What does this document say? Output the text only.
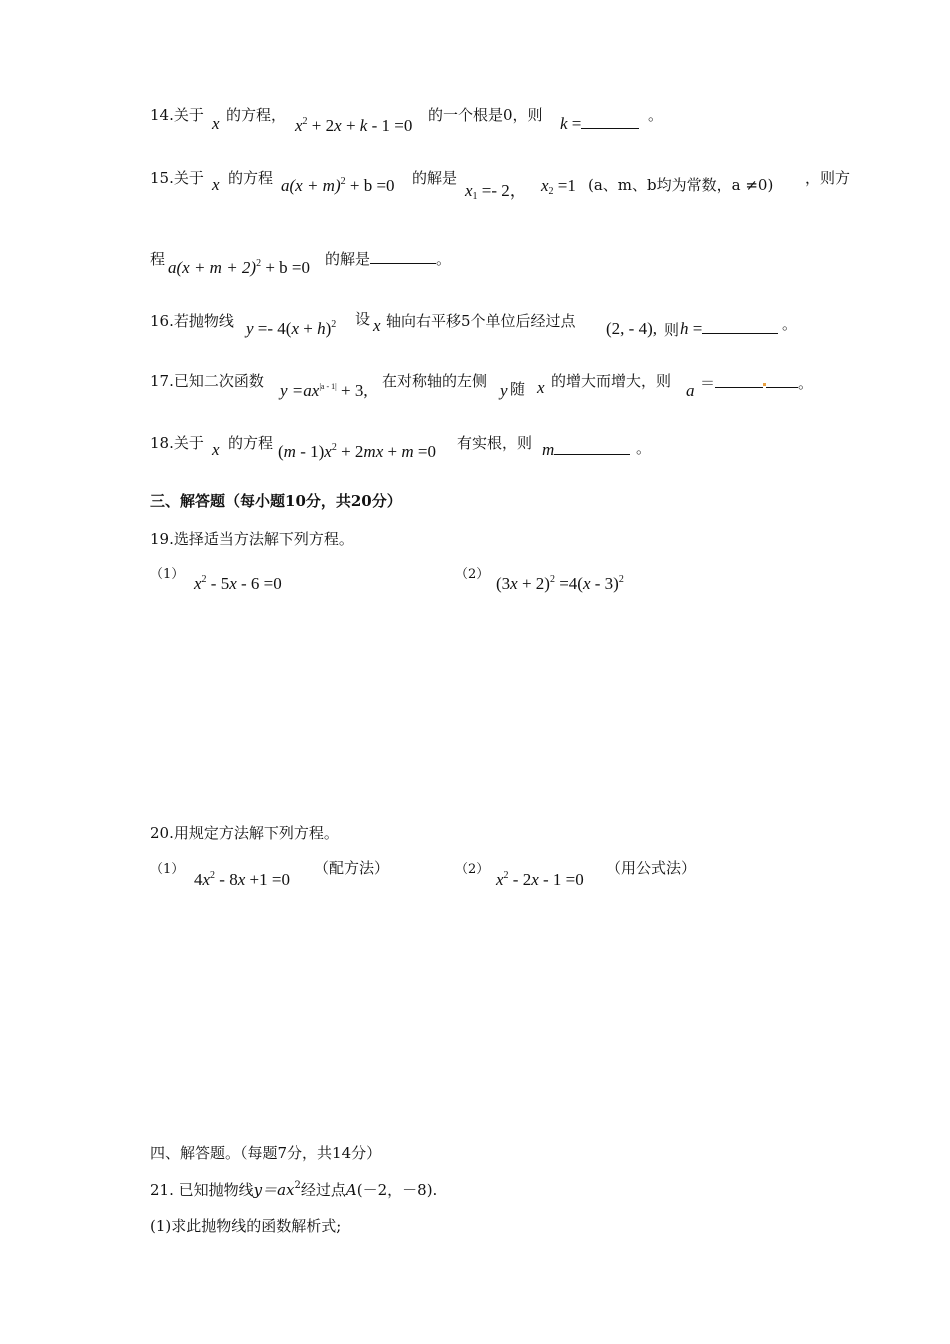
14.关于 x 的方程，
$x^2 + 2x + k - 1 =0$
的一个根是0，则 k =	。
15.关于 x 的方程 $a(x + m)^2 + b =0$ 的解是
$x_1 =- 2$， $x_2 =1$ (a、m、b均为常数，a ≠0) ，则方
程 $a(x + m + 2)^2 + b =0$ 的解是	。
16.若抛物线 $y =- 4(x + h)^2$ 设 x 轴向右平移5个单位后经过点 (2, - 4), 则 h =	。
17.已知二次函数 $y =ax^{|a - 1|} + 3$, 在对称轴的左侧 y 随 x 的增大而增大，则 a ＝	。
18.关于 x 的方程 $(m - 1)x^2 + 2mx + m =0$ 有实根，则 m	。
三、解答题（每小题10分，共20分）
19.选择适当方法解下列方程。
（1） $x^2 - 5x - 6 =0$	（2） $(3x + 2)^2 =4(x - 3)^2$
20.用规定方法解下列方程。
（1）
$4x^2 - 8x +1 =0$
（配方法）	（2）
$x^2 - 2x - 1 =0$
（用公式法）
四、解答题。（每题7分，共14分）
21. 已知抛物线$y=ax^2$经过点A(－2，－8).
(1)求此抛物线的函数解析式;
